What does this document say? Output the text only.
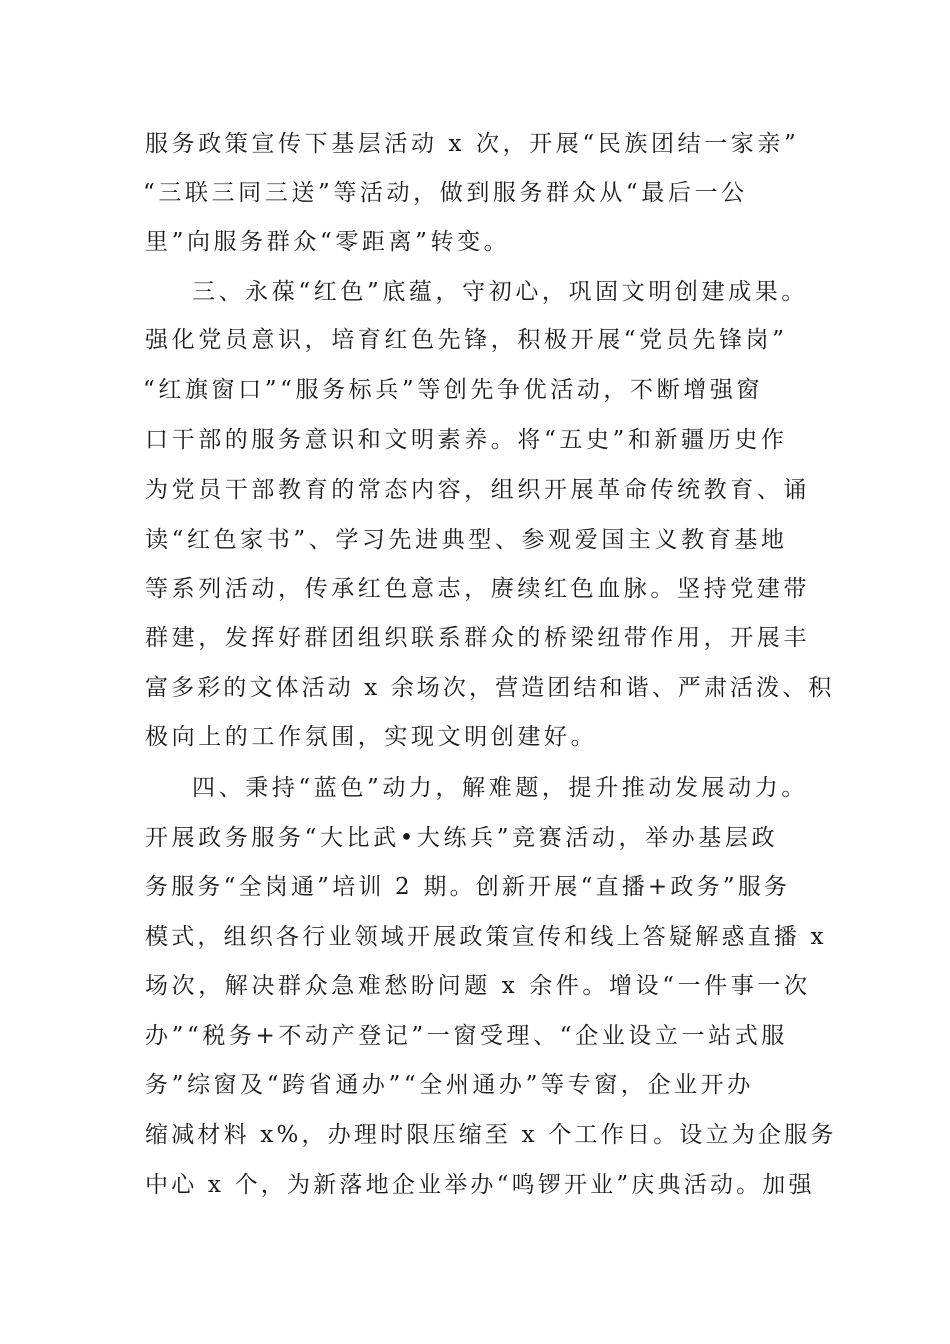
服务政策宣传下基层活动 x 次，开展“民族团结一家亲”
“三联三同三送”等活动，做到服务群众从“最后一公
里”向服务群众“零距离”转变。
三、永葆“红色”底蕴，守初心，巩固文明创建成果。
强化党员意识，培育红色先锋，积极开展“党员先锋岗”
“红旗窗口”“服务标兵”等创先争优活动，不断增强窗
口干部的服务意识和文明素养。将“五史”和新疆历史作
为党员干部教育的常态内容，组织开展革命传统教育、诵
读“红色家书”、学习先进典型、参观爱国主义教育基地
等系列活动，传承红色意志，赓续红色血脉。坚持党建带
群建，发挥好群团组织联系群众的桥梁纽带作用，开展丰
富多彩的文体活动 x 余场次，营造团结和谐、严肃活泼、积
极向上的工作氛围，实现文明创建好。
四、秉持“蓝色”动力，解难题，提升推动发展动力。
开展政务服务“大比武•大练兵”竞赛活动，举办基层政
务服务“全岗通”培训 2 期。创新开展“直播+政务”服务
模式，组织各行业领域开展政策宣传和线上答疑解惑直播 x
场次，解决群众急难愁盼问题 x 余件。增设“一件事一次
办”“税务+不动产登记”一窗受理、“企业设立一站式服
务”综窗及“跨省通办”“全州通办”等专窗，企业开办
缩减材料 x%，办理时限压缩至 x 个工作日。设立为企服务
中心 x 个，为新落地企业举办“鸣锣开业”庆典活动。加强
